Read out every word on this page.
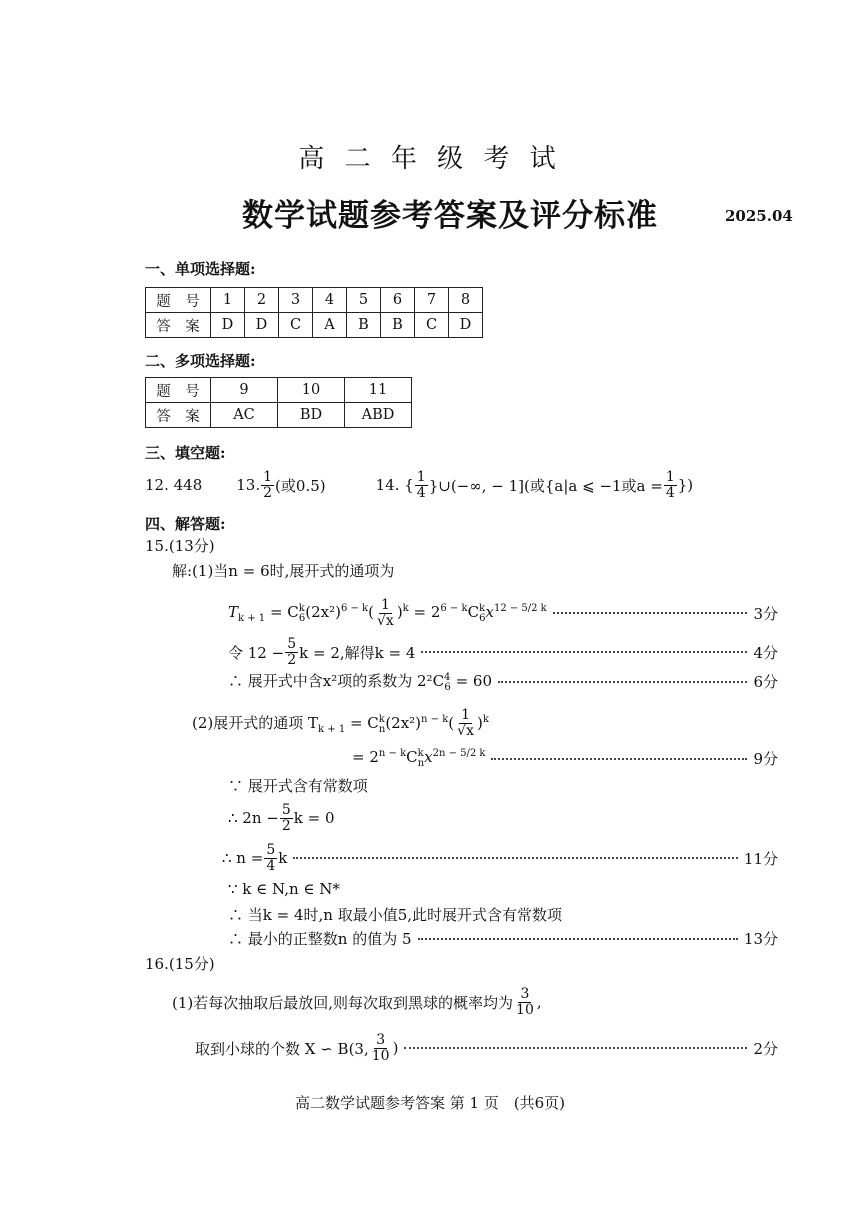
高 二 年 级 考 试
数学试题参考答案及评分标准	2025.04
一、单项选择题:
题　号	1	2	3	4	5	6	7	8
答　案	D	D	C	A	B	B	C	D
二、多项选择题:
题　号	9	10	11
答　案	AC	BD	ABD
三、填空题:
12. 448 13. $\frac{1}{2}$ (或0.5)	14. { $\frac{1}{4}$ }∪(−∞, − 1](或{a|a ⩽ −1或$a = \frac{1}{4}$ })
四、解答题:
15.(13分)
解:(1)当n = 6时,展开式的通项为
$T_{k + 1} = C^k_6(2x^2)^{6 - k}( \frac{1}{√x} )^k = 2^{6 - k}C^k_6x^{12 - 5/2 k}$	3分
令 $12 - \frac{5}{2}$ k = 2,解得k = 4	4分
∴ 展开式中含x²项的系数为 $2^2C^4_6 = 60$	6分
(2)展开式的通项 $T_{k + 1} = C^k_n(2x^2)^{n - k}( \frac{1}{√x} )^k$
= $2^{n - k}C^k_nx^{2n - 5/2 k}$	9分
∵ 展开式含有常数项
∴ $2n - \frac{5}{2}$ k = 0
∴ $n = \frac{5}{4}$ k	11分
∵ k ∈ N,n ∈ N*
∴ 当k = 4时,n 取最小值5,此时展开式含有常数项
∴ 最小的正整数n 的值为 5	13分
16.(15分)
(1)若每次抽取后最放回,则每次取到黑球的概率均为 $\frac{3}{10}$ ,
取到小球的个数 X ∽ B(3, $\frac{3}{10}$ )	2分
高二数学试题参考答案 第 1 页　(共6页)
